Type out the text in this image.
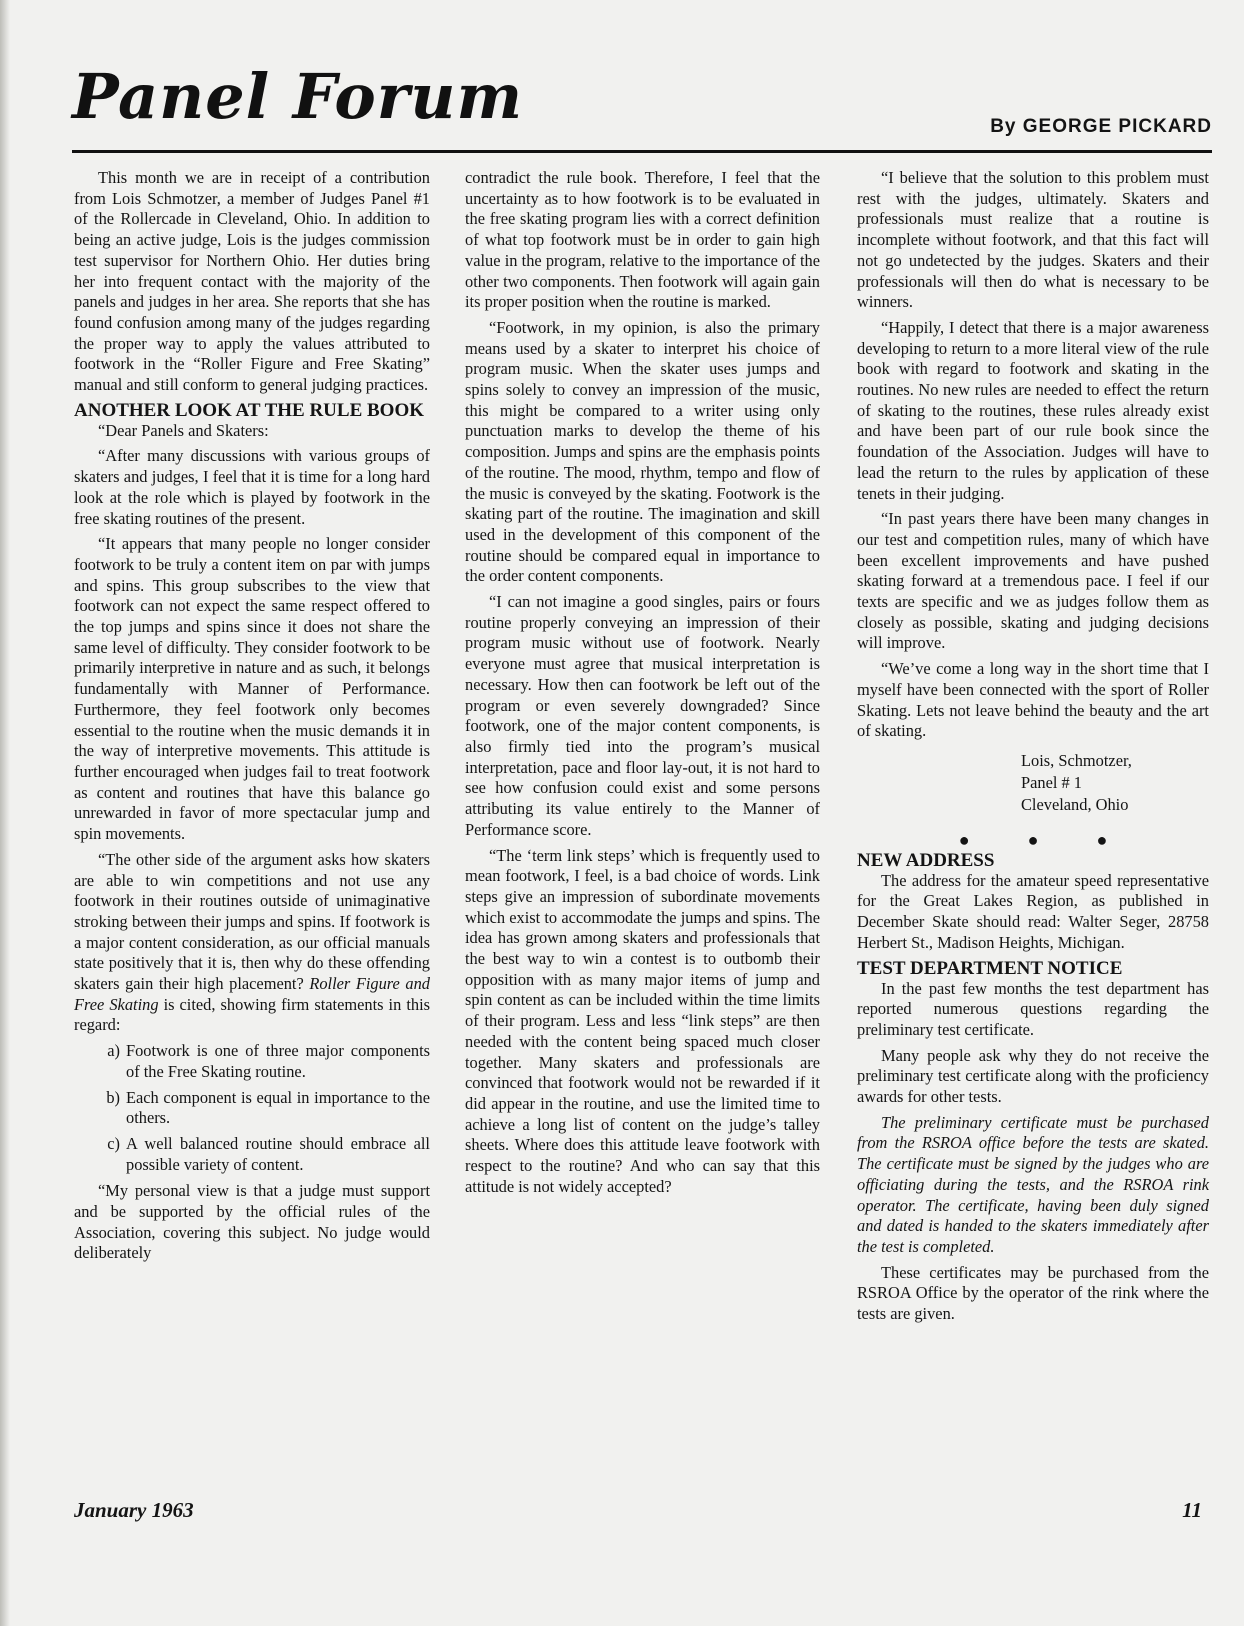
Panel Forum	By GEORGE PICKARD

This month we are in receipt of a contribution from Lois Schmotzer, a member of Judges Panel #1 of the Rollercade in Cleveland, Ohio. In addition to being an active judge, Lois is the judges commission test supervisor for Northern Ohio. Her duties bring her into frequent contact with the majority of the panels and judges in her area. She reports that she has found confusion among many of the judges regarding the proper way to apply the values attributed to footwork in the “Roller Figure and Free Skating” manual and still conform to general judging practices.

ANOTHER LOOK AT THE RULE BOOK

“Dear Panels and Skaters:

“After many discussions with various groups of skaters and judges, I feel that it is time for a long hard look at the role which is played by footwork in the free skating routines of the present.

“It appears that many people no longer consider footwork to be truly a content item on par with jumps and spins. This group subscribes to the view that footwork can not expect the same respect offered to the top jumps and spins since it does not share the same level of difficulty. They consider footwork to be primarily interpretive in nature and as such, it belongs fundamentally with Manner of Performance. Furthermore, they feel footwork only becomes essential to the routine when the music demands it in the way of interpretive movements. This attitude is further encouraged when judges fail to treat footwork as content and routines that have this balance go unrewarded in favor of more spectacular jump and spin movements.

“The other side of the argument asks how skaters are able to win competitions and not use any footwork in their routines outside of unimaginative stroking between their jumps and spins. If footwork is a major content consideration, as our official manuals state positively that it is, then why do these offending skaters gain their high placement? Roller Figure and Free Skating is cited, showing firm statements in this regard:

a) Footwork is one of three major components of the Free Skating routine.
b) Each component is equal in importance to the others.
c) A well balanced routine should embrace all possible variety of content.

“My personal view is that a judge must support and be supported by the official rules of the Association, covering this subject. No judge would deliberately

contradict the rule book. Therefore, I feel that the uncertainty as to how footwork is to be evaluated in the free skating program lies with a correct definition of what top footwork must be in order to gain high value in the program, relative to the importance of the other two components. Then footwork will again gain its proper position when the routine is marked.

“Footwork, in my opinion, is also the primary means used by a skater to interpret his choice of program music. When the skater uses jumps and spins solely to convey an impression of the music, this might be compared to a writer using only punctuation marks to develop the theme of his composition. Jumps and spins are the emphasis points of the routine. The mood, rhythm, tempo and flow of the music is conveyed by the skating. Footwork is the skating part of the routine. The imagination and skill used in the development of this component of the routine should be compared equal in importance to the order content components.

“I can not imagine a good singles, pairs or fours routine properly conveying an impression of their program music without use of footwork. Nearly everyone must agree that musical interpretation is necessary. How then can footwork be left out of the program or even severely downgraded? Since footwork, one of the major content components, is also firmly tied into the program’s musical interpretation, pace and floor lay-out, it is not hard to see how confusion could exist and some persons attributing its value entirely to the Manner of Performance score.

“The ‘term link steps’ which is frequently used to mean footwork, I feel, is a bad choice of words. Link steps give an impression of subordinate movements which exist to accommodate the jumps and spins. The idea has grown among skaters and professionals that the best way to win a contest is to outbomb their opposition with as many major items of jump and spin content as can be included within the time limits of their program. Less and less “link steps” are then needed with the content being spaced much closer together. Many skaters and professionals are convinced that footwork would not be rewarded if it did appear in the routine, and use the limited time to achieve a long list of content on the judge’s talley sheets. Where does this attitude leave footwork with respect to the routine? And who can say that this attitude is not widely accepted?

“I believe that the solution to this problem must rest with the judges, ultimately. Skaters and professionals must realize that a routine is incomplete without footwork, and that this fact will not go undetected by the judges. Skaters and their professionals will then do what is necessary to be winners.

“Happily, I detect that there is a major awareness developing to return to a more literal view of the rule book with regard to footwork and skating in the routines. No new rules are needed to effect the return of skating to the routines, these rules already exist and have been part of our rule book since the foundation of the Association. Judges will have to lead the return to the rules by application of these tenets in their judging.

“In past years there have been many changes in our test and competition rules, many of which have been excellent improvements and have pushed skating forward at a tremendous pace. I feel if our texts are specific and we as judges follow them as closely as possible, skating and judging decisions will improve.

“We’ve come a long way in the short time that I myself have been connected with the sport of Roller Skating. Lets not leave behind the beauty and the art of skating.

Lois, Schmotzer,
Panel # 1
Cleveland, Ohio
●	●	●
NEW ADDRESS

The address for the amateur speed representative for the Great Lakes Region, as published in December Skate should read: Walter Seger, 28758 Herbert St., Madison Heights, Michigan.

TEST DEPARTMENT NOTICE

In the past few months the test department has reported numerous questions regarding the preliminary test certificate.

Many people ask why they do not receive the preliminary test certificate along with the proficiency awards for other tests.

The preliminary certificate must be purchased from the RSROA office before the tests are skated. The certificate must be signed by the judges who are officiating during the tests, and the RSROA rink operator. The certificate, having been duly signed and dated is handed to the skaters immediately after the test is completed.

These certificates may be purchased from the RSROA Office by the operator of the rink where the tests are given.

January 1963	11
